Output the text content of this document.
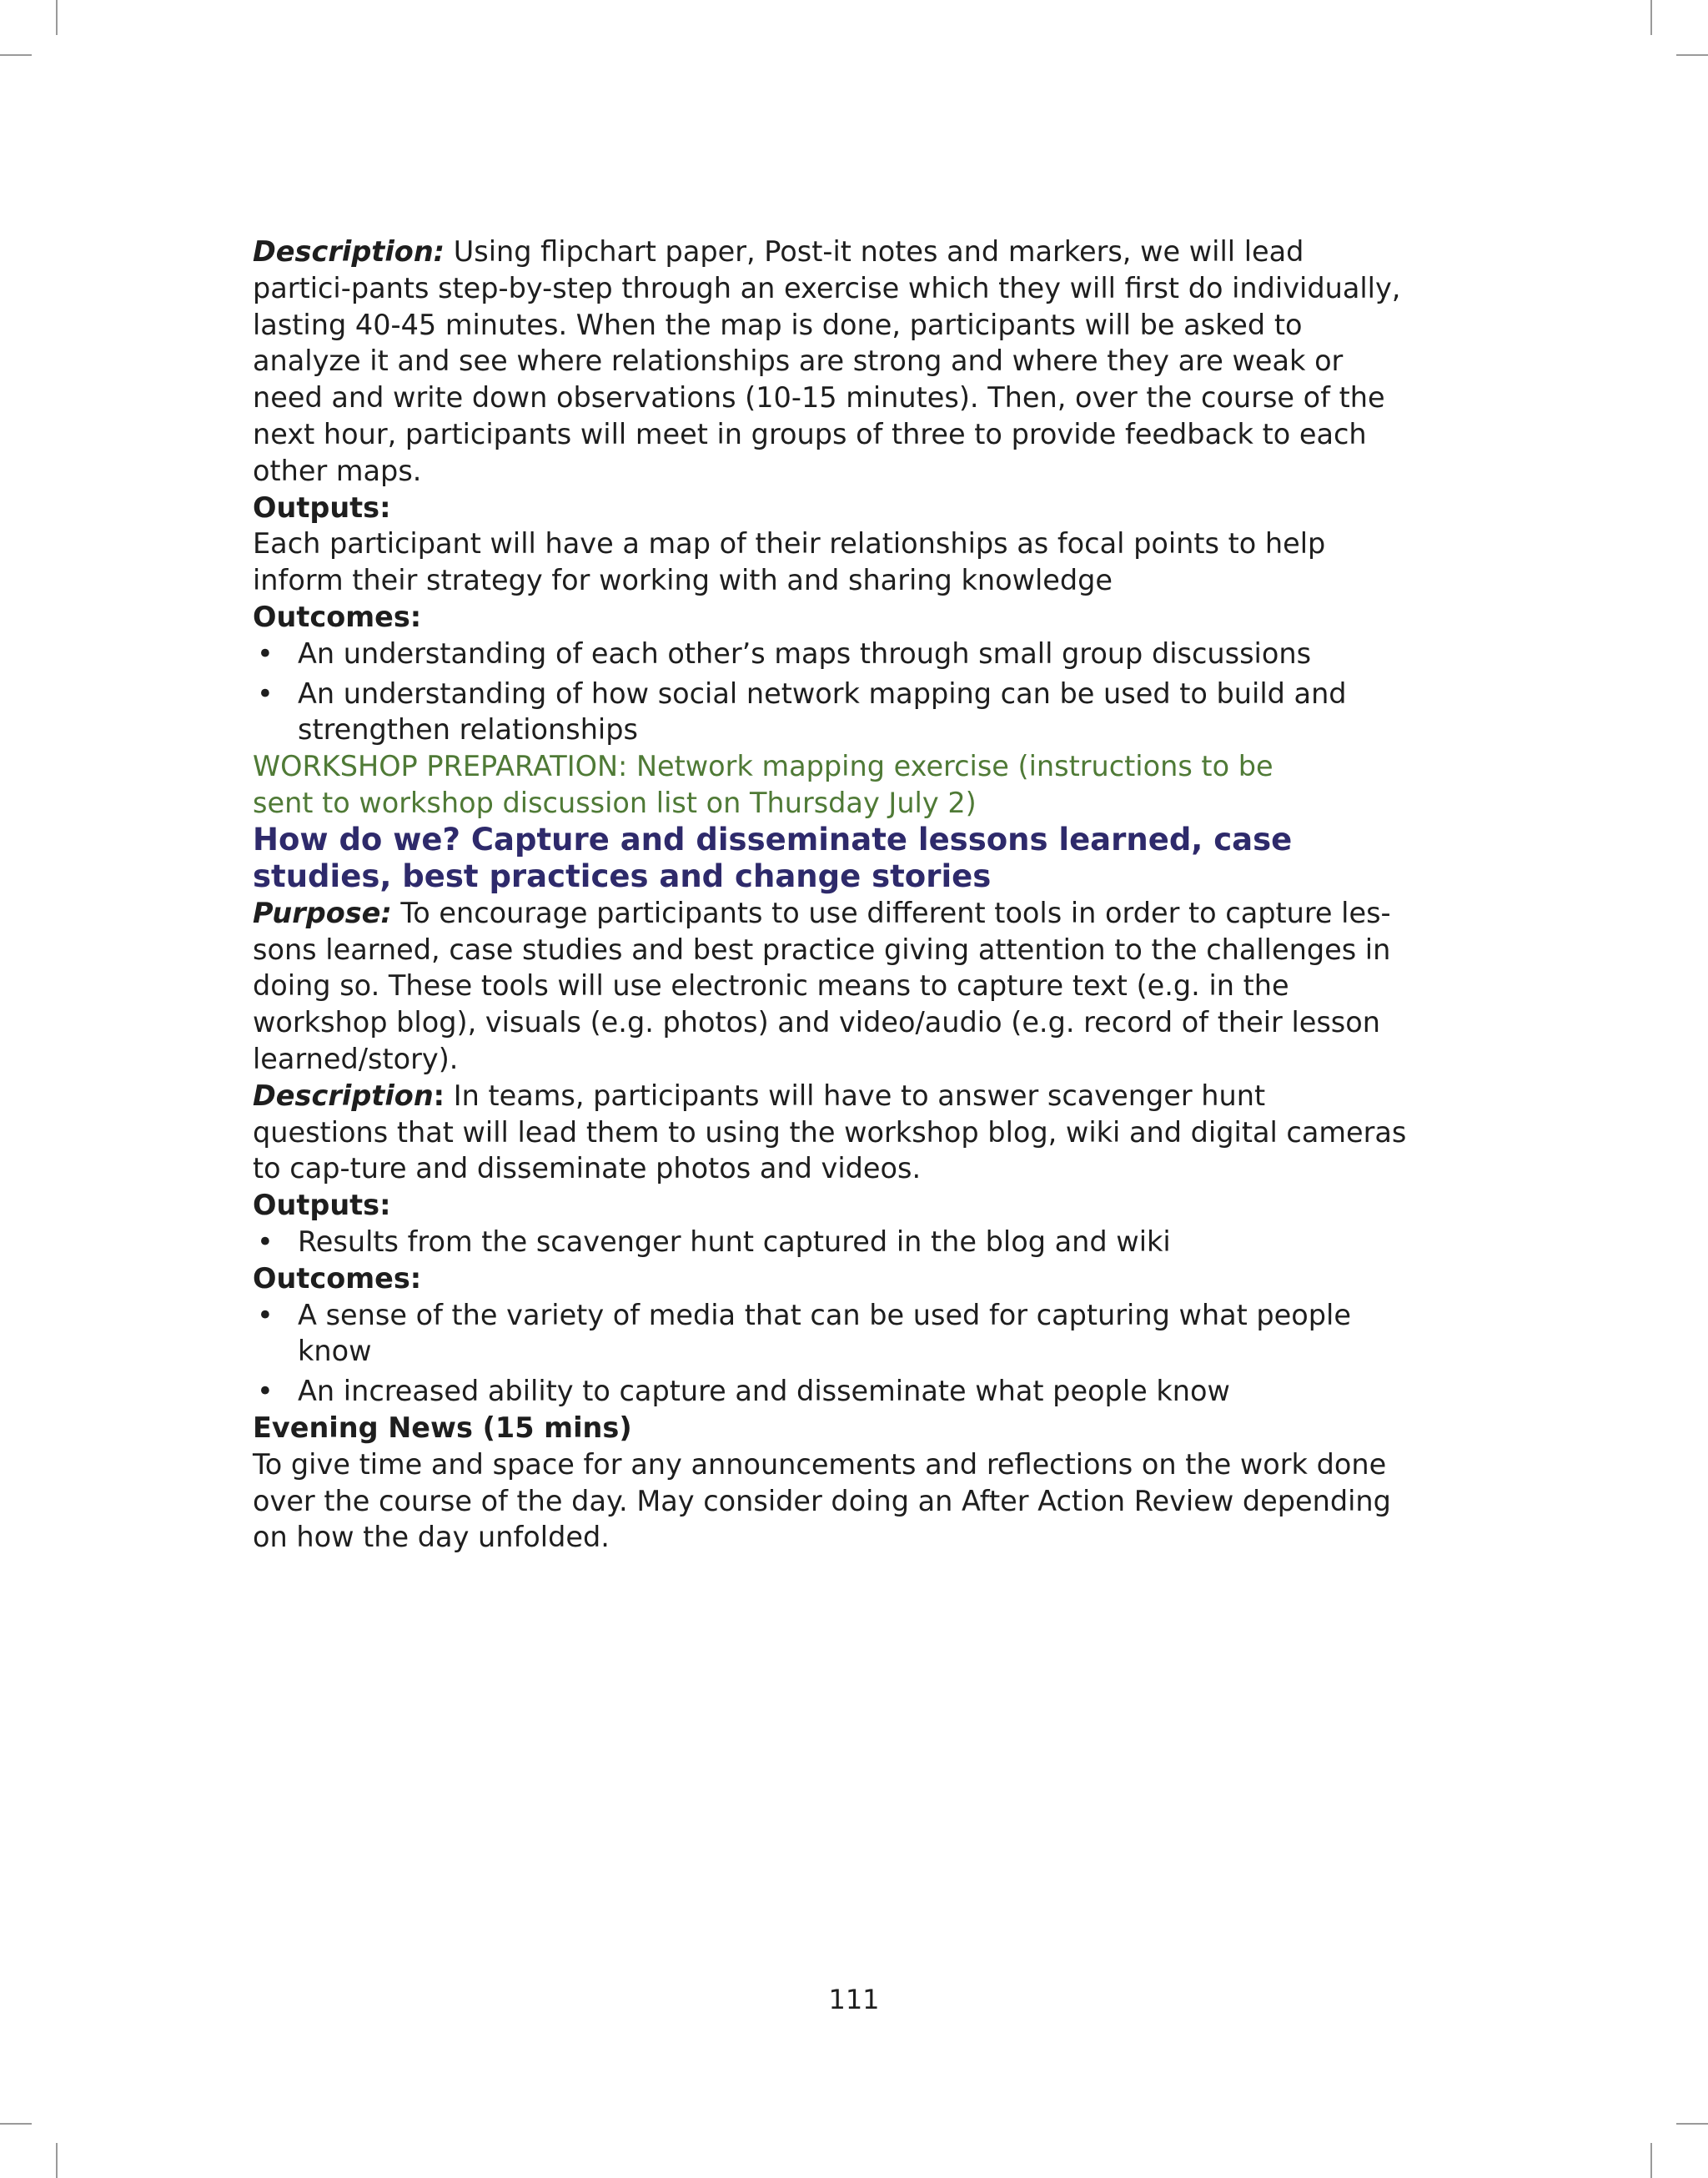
Description: Using flipchart paper, Post-it notes and markers, we will lead partici-pants step-by-step through an exercise which they will first do individually, lasting 40-45 minutes. When the map is done, participants will be asked to analyze it and see where relationships are strong and where they are weak or need and write down observations (10-15 minutes). Then, over the course of the next hour, participants will meet in groups of three to provide feedback to each other maps.

Outputs:

Each participant will have a map of their relationships as focal points to help inform their strategy for working with and sharing knowledge

Outcomes:

• An understanding of each other’s maps through small group discussions
• An understanding of how social network mapping can be used to build and strengthen relationships

WORKSHOP PREPARATION: Network mapping exercise (instructions to be sent to workshop discussion list on Thursday July 2)

How do we? Capture and disseminate lessons learned, case studies, best practices and change stories

Purpose: To encourage participants to use different tools in order to capture les-sons learned, case studies and best practice giving attention to the challenges in doing so. These tools will use electronic means to capture text (e.g. in the workshop blog), visuals (e.g. photos) and video/audio (e.g. record of their lesson learned/story).

Description: In teams, participants will have to answer scavenger hunt questions that will lead them to using the workshop blog, wiki and digital cameras to cap-ture and disseminate photos and videos.

Outputs:

• Results from the scavenger hunt captured in the blog and wiki

Outcomes:

• A sense of the variety of media that can be used for capturing what people know
• An increased ability to capture and disseminate what people know

Evening News (15 mins)

To give time and space for any announcements and reflections on the work done over the course of the day. May consider doing an After Action Review depending on how the day unfolded.

111
